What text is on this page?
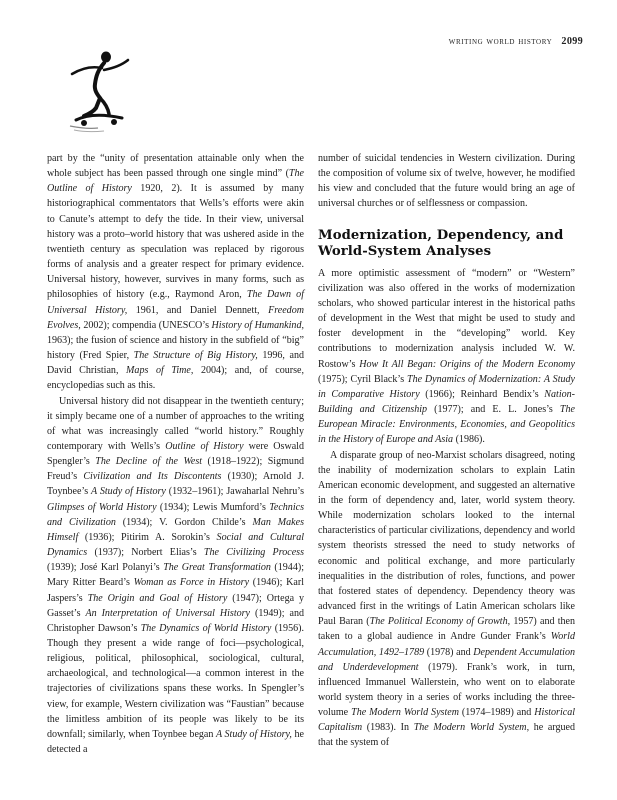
writing world history 2099

part by the “unity of presentation attainable only when the whole subject has been passed through one single mind” (The Outline of History 1920, 2). It is assumed by many historiographical commentators that Wells’s efforts were akin to Canute’s attempt to defy the tide. In their view, universal history was a proto–world history that was ushered aside in the twentieth century as speculation was replaced by rigorous forms of analysis and a greater respect for primary evidence. Universal history, however, survives in many forms, such as philosophies of history (e.g., Raymond Aron, The Dawn of Universal History, 1961, and Daniel Dennett, Freedom Evolves, 2002); compendia (UNESCO’s History of Humankind, 1963); the fusion of science and history in the subfield of “big” history (Fred Spier, The Structure of Big History, 1996, and David Christian, Maps of Time, 2004); and, of course, encyclopedias such as this.

Universal history did not disappear in the twentieth century; it simply became one of a number of approaches to the writing of what was increasingly called “world history.” Roughly contemporary with Wells’s Outline of History were Oswald Spengler’s The Decline of the West (1918–1922); Sigmund Freud’s Civilization and Its Discontents (1930); Arnold J. Toynbee’s A Study of History (1932–1961); Jawaharlal Nehru’s Glimpses of World History (1934); Lewis Mumford’s Technics and Civilization (1934); V. Gordon Childe’s Man Makes Himself (1936); Pitirim A. Sorokin’s Social and Cultural Dynamics (1937); Norbert Elias’s The Civilizing Process (1939); José Karl Polanyi’s The Great Transformation (1944); Mary Ritter Beard’s Woman as Force in History (1946); Karl Jaspers’s The Origin and Goal of History (1947); Ortega y Gasset’s An Interpretation of Universal History (1949); and Christopher Dawson’s The Dynamics of World History (1956). Though they present a wide range of foci—psychological, religious, political, philosophical, sociological, cultural, archaeological, and technological—a common interest in the trajectories of civilizations spans these works. In Spengler’s view, for example, Western civilization was “Faustian” because the limitless ambition of its people was likely to be its downfall; similarly, when Toynbee began A Study of History, he detected a

number of suicidal tendencies in Western civilization. During the composition of volume six of twelve, however, he modified his view and concluded that the future would bring an age of universal churches or of selflessness or compassion.

Modernization, Dependency, and World-System Analyses

A more optimistic assessment of “modern” or “Western” civilization was also offered in the works of modernization scholars, who showed particular interest in the historical paths of development in the West that might be used to study and foster development in the “developing” world. Key contributions to modernization analysis included W. W. Rostow’s How It All Began: Origins of the Modern Economy (1975); Cyril Black’s The Dynamics of Modernization: A Study in Comparative History (1966); Reinhard Bendix’s Nation-Building and Citizenship (1977); and E. L. Jones’s The European Miracle: Environments, Economies, and Geopolitics in the History of Europe and Asia (1986).

A disparate group of neo-Marxist scholars disagreed, noting the inability of modernization scholars to explain Latin American economic development, and suggested an alternative in the form of dependency and, later, world system theory. While modernization scholars looked to the internal characteristics of particular civilizations, dependency and world system theorists stressed the need to study networks of economic and political exchange, and more particularly inequalities in the distribution of roles, functions, and power that fostered states of dependency. Dependency theory was advanced first in the writings of Latin American scholars like Paul Baran (The Political Economy of Growth, 1957) and then taken to a global audience in Andre Gunder Frank’s World Accumulation, 1492–1789 (1978) and Dependent Accumulation and Underdevelopment (1979). Frank’s work, in turn, influenced Immanuel Wallerstein, who went on to elaborate world system theory in a series of works including the three-volume The Modern World System (1974–1989) and Historical Capitalism (1983). In The Modern World System, he argued that the system of
